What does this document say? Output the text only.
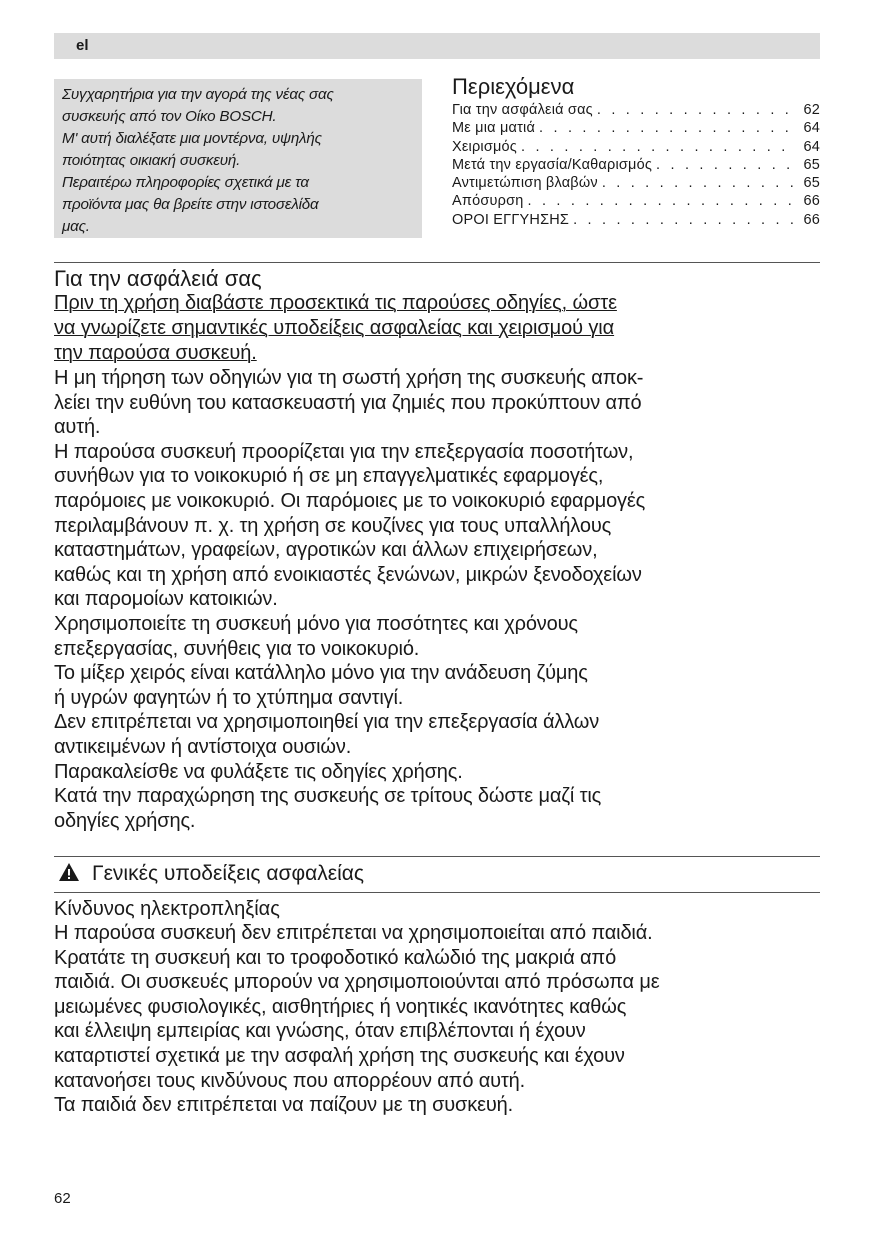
el

Συγχαρητήρια για την αγορά της νέας σας

συσκευής από τον Οίκο BOSCH.

Μ' αυτή διαλέξατε μια μοντέρνα, υψηλής

ποιότητας οικιακή συσκευή.

Περαιτέρω πληροφορίες σχετικά με τα

προϊόντα μας θα βρείτε στην ιστοσελίδα

μας.

Περιεχόμενα
Για την ασφάλειά σας . . .	62
Με μια ματιά . . .	64
Χειρισμός . . .	64
Μετά την εργασία/Καθαρισμός . . .	65
Αντιμετώπιση βλαβών . . .	65
Απόσυρση . . .	66
ΟΡΟΙ ΕΓΓΥΗΣΗΣ . . .	66
Για την ασφάλειά σας
Πριν τη χρήση διαβάστε προσεκτικά τις παρούσες οδηγίες, ώστε
να γνωρίζετε σημαντικές υποδείξεις ασφαλείας και χειρισμού για
την παρούσα συσκευή.

Η μη τήρηση των οδηγιών για τη σωστή χρήση της συσκευής αποκ-

λείει την ευθύνη του κατασκευαστή για ζημιές που προκύπτουν από

αυτή.

Η παρούσα συσκευή προορίζεται για την επεξεργασία ποσοτήτων,

συνήθων για το νοικοκυριό ή σε μη επαγγελματικές εφαρμογές,

παρόμοιες με νοικοκυριό. Οι παρόμοιες με το νοικοκυριό εφαρμογές

περιλαμβάνουν π. χ. τη χρήση σε κουζίνες για τους υπαλλήλους

καταστημάτων, γραφείων, αγροτικών και άλλων επιχειρήσεων,

καθώς και τη χρήση από ενοικιαστές ξενώνων, μικρών ξενοδοχείων

και παρομοίων κατοικιών.

Χρησιμοποιείτε τη συσκευή μόνο για ποσότητες και χρόνους

επεξεργασίας, συνήθεις για το νοικοκυριό.

Το μίξερ χειρός είναι κατάλληλο μόνο για την ανάδευση ζύμης

ή υγρών φαγητών ή το χτύπημα σαντιγί.

Δεν επιτρέπεται να χρησιμοποιηθεί για την επεξεργασία άλλων

αντικειμένων ή αντίστοιχα ουσιών.

Παρακαλείσθε να φυλάξετε τις οδηγίες χρήσης.

Κατά την παραχώρηση της συσκευής σε τρίτους δώστε μαζί τις

οδηγίες χρήσης.

Γενικές υποδείξεις ασφαλείας
Κίνδυνος ηλεκτροπληξίας

Η παρούσα συσκευή δεν επιτρέπεται να χρησιμοποιείται από παιδιά.

Κρατάτε τη συσκευή και το τροφοδοτικό καλώδιό της μακριά από

παιδιά. Οι συσκευές μπορούν να χρησιμοποιούνται από πρόσωπα με

μειωμένες φυσιολογικές, αισθητήριες ή νοητικές ικανότητες καθώς

και έλλειψη εμπειρίας και γνώσης, όταν επιβλέπονται ή έχουν

καταρτιστεί σχετικά με την ασφαλή χρήση της συσκευής και έχουν

κατανοήσει τους κινδύνους που απορρέουν από αυτή.

Τα παιδιά δεν επιτρέπεται να παίζουν με τη συσκευή.

62
